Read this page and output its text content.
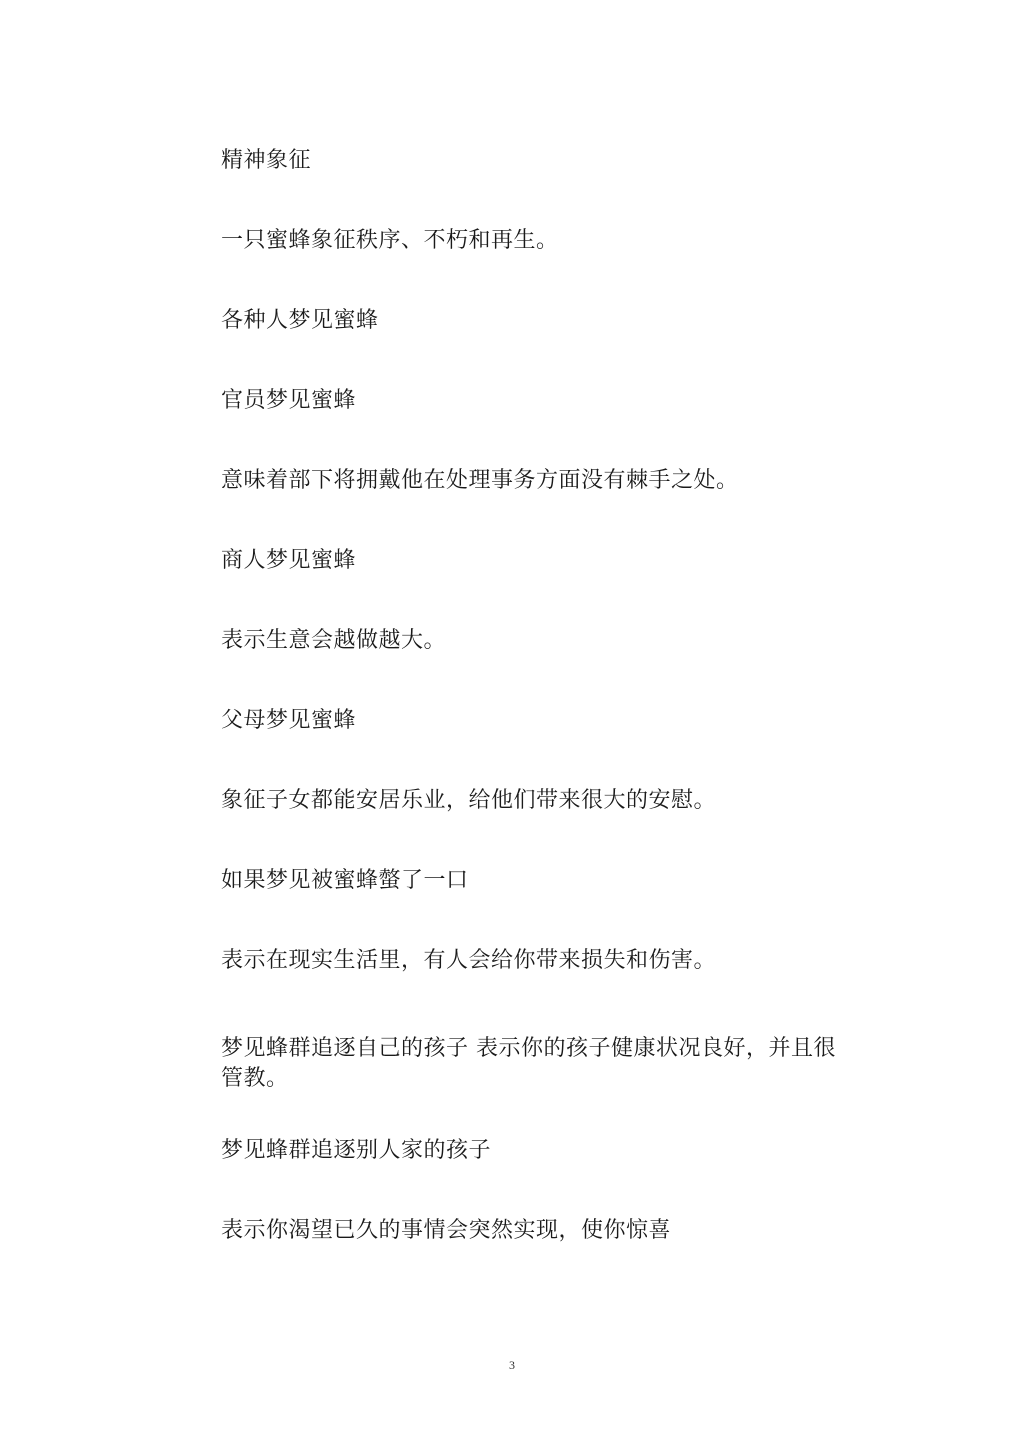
精神象征

一只蜜蜂象征秩序、不朽和再生。

各种人梦见蜜蜂

官员梦见蜜蜂

意味着部下将拥戴他在处理事务方面没有棘手之处。

商人梦见蜜蜂

表示生意会越做越大。

父母梦见蜜蜂

象征子女都能安居乐业，给他们带来很大的安慰。

如果梦见被蜜蜂螫了一口

表示在现实生活里，有人会给你带来损失和伤害。

梦见蜂群追逐自己的孩子 表示你的孩子健康状况良好，并且很管教。

梦见蜂群追逐别人家的孩子

表示你渴望已久的事情会突然实现，使你惊喜

3
